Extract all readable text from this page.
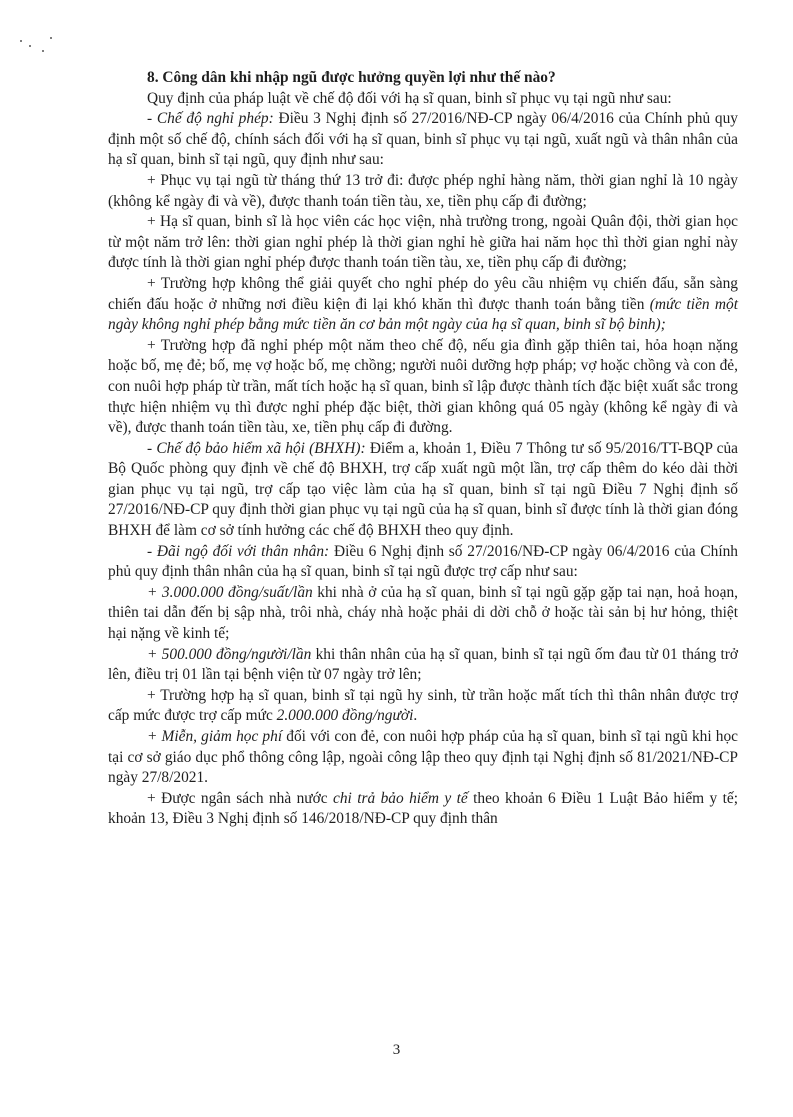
8. Công dân khi nhập ngũ được hưởng quyền lợi như thế nào?

Quy định của pháp luật về chế độ đối với hạ sĩ quan, binh sĩ phục vụ tại ngũ như sau:

- Chế độ nghỉ phép: Điều 3 Nghị định số 27/2016/NĐ-CP ngày 06/4/2016 của Chính phủ quy định một số chế độ, chính sách đối với hạ sĩ quan, binh sĩ phục vụ tại ngũ, xuất ngũ và thân nhân của hạ sĩ quan, binh sĩ tại ngũ, quy định như sau:

+ Phục vụ tại ngũ từ tháng thứ 13 trở đi: được phép nghỉ hàng năm, thời gian nghỉ là 10 ngày (không kể ngày đi và về), được thanh toán tiền tàu, xe, tiền phụ cấp đi đường;

+ Hạ sĩ quan, binh sĩ là học viên các học viện, nhà trường trong, ngoài Quân đội, thời gian học từ một năm trở lên: thời gian nghỉ phép là thời gian nghỉ hè giữa hai năm học thì thời gian nghỉ này được tính là thời gian nghỉ phép được thanh toán tiền tàu, xe, tiền phụ cấp đi đường;

+ Trường hợp không thể giải quyết cho nghỉ phép do yêu cầu nhiệm vụ chiến đấu, sẵn sàng chiến đấu hoặc ở những nơi điều kiện đi lại khó khăn thì được thanh toán bằng tiền (mức tiền một ngày không nghỉ phép bằng mức tiền ăn cơ bản một ngày của hạ sĩ quan, binh sĩ bộ binh);

+ Trường hợp đã nghỉ phép một năm theo chế độ, nếu gia đình gặp thiên tai, hỏa hoạn nặng hoặc bố, mẹ đẻ; bố, mẹ vợ hoặc bố, mẹ chồng; người nuôi dưỡng hợp pháp; vợ hoặc chồng và con đẻ, con nuôi hợp pháp từ trần, mất tích hoặc hạ sĩ quan, binh sĩ lập được thành tích đặc biệt xuất sắc trong thực hiện nhiệm vụ thì được nghỉ phép đặc biệt, thời gian không quá 05 ngày (không kể ngày đi và về), được thanh toán tiền tàu, xe, tiền phụ cấp đi đường.

- Chế độ bảo hiểm xã hội (BHXH): Điểm a, khoản 1, Điều 7 Thông tư số 95/2016/TT-BQP của Bộ Quốc phòng quy định về chế độ BHXH, trợ cấp xuất ngũ một lần, trợ cấp thêm do kéo dài thời gian phục vụ tại ngũ, trợ cấp tạo việc làm của hạ sĩ quan, binh sĩ tại ngũ Điều 7 Nghị định số 27/2016/NĐ-CP quy định thời gian phục vụ tại ngũ của hạ sĩ quan, binh sĩ được tính là thời gian đóng BHXH để làm cơ sở tính hưởng các chế độ BHXH theo quy định.

- Đãi ngộ đối với thân nhân: Điều 6 Nghị định số 27/2016/NĐ-CP ngày 06/4/2016 của Chính phủ quy định thân nhân của hạ sĩ quan, binh sĩ tại ngũ được trợ cấp như sau:

+ 3.000.000 đồng/suất/lần khi nhà ở của hạ sĩ quan, binh sĩ tại ngũ gặp gặp tai nạn, hoả hoạn, thiên tai dẫn đến bị sập nhà, trôi nhà, cháy nhà hoặc phải di dời chỗ ở hoặc tài sản bị hư hỏng, thiệt hại nặng về kinh tế;

+ 500.000 đồng/người/lần khi thân nhân của hạ sĩ quan, binh sĩ tại ngũ ốm đau từ 01 tháng trở lên, điều trị 01 lần tại bệnh viện từ 07 ngày trở lên;

+ Trường hợp hạ sĩ quan, binh sĩ tại ngũ hy sinh, từ trần hoặc mất tích thì thân nhân được trợ cấp mức được trợ cấp mức 2.000.000 đồng/người.

+ Miễn, giảm học phí đối với con đẻ, con nuôi hợp pháp của hạ sĩ quan, binh sĩ tại ngũ khi học tại cơ sở giáo dục phổ thông công lập, ngoài công lập theo quy định tại Nghị định số 81/2021/NĐ-CP ngày 27/8/2021.

+ Được ngân sách nhà nước chi trả bảo hiểm y tế theo khoản 6 Điều 1 Luật Bảo hiểm y tế; khoản 13, Điều 3 Nghị định số 146/2018/NĐ-CP quy định thân

3
